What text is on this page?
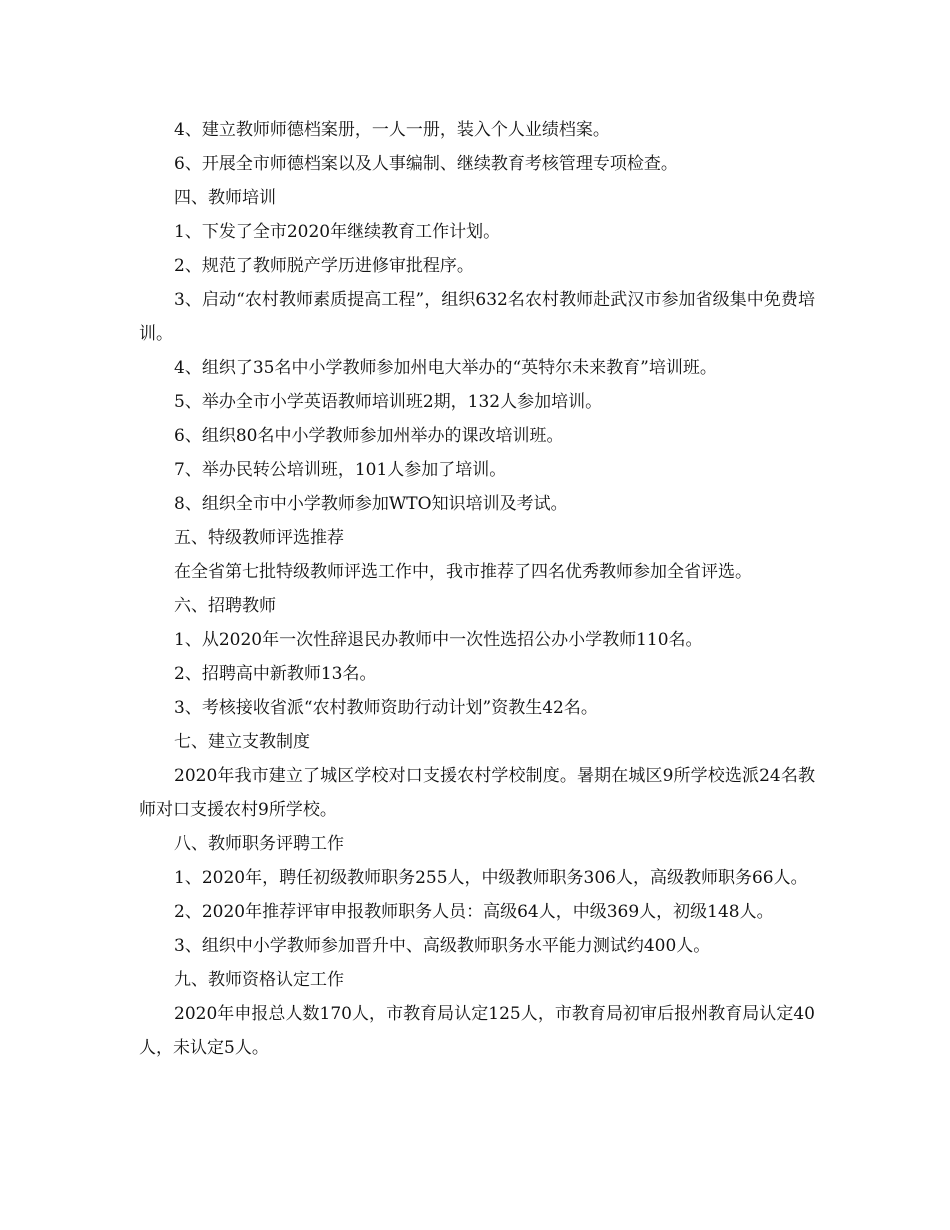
4、建立教师师德档案册，一人一册，装入个人业绩档案。

6、开展全市师德档案以及人事编制、继续教育考核管理专项检查。

四、教师培训

1、下发了全市2020年继续教育工作计划。

2、规范了教师脱产学历进修审批程序。

3、启动“农村教师素质提高工程”，组织632名农村教师赴武汉市参加省级集中免费培训。

4、组织了35名中小学教师参加州电大举办的“英特尔未来教育”培训班。

5、举办全市小学英语教师培训班2期，132人参加培训。

6、组织80名中小学教师参加州举办的课改培训班。

7、举办民转公培训班，101人参加了培训。

8、组织全市中小学教师参加WTO知识培训及考试。

五、特级教师评选推荐

在全省第七批特级教师评选工作中，我市推荐了四名优秀教师参加全省评选。

六、招聘教师

1、从2020年一次性辞退民办教师中一次性选招公办小学教师110名。

2、招聘高中新教师13名。

3、考核接收省派“农村教师资助行动计划”资教生42名。

七、建立支教制度

2020年我市建立了城区学校对口支援农村学校制度。暑期在城区9所学校选派24名教师对口支援农村9所学校。

八、教师职务评聘工作

1、2020年，聘任初级教师职务255人，中级教师职务306人，高级教师职务66人。

2、2020年推荐评审申报教师职务人员：高级64人，中级369人，初级148人。

3、组织中小学教师参加晋升中、高级教师职务水平能力测试约400人。

九、教师资格认定工作

2020年申报总人数170人，市教育局认定125人，市教育局初审后报州教育局认定40人，未认定5人。
